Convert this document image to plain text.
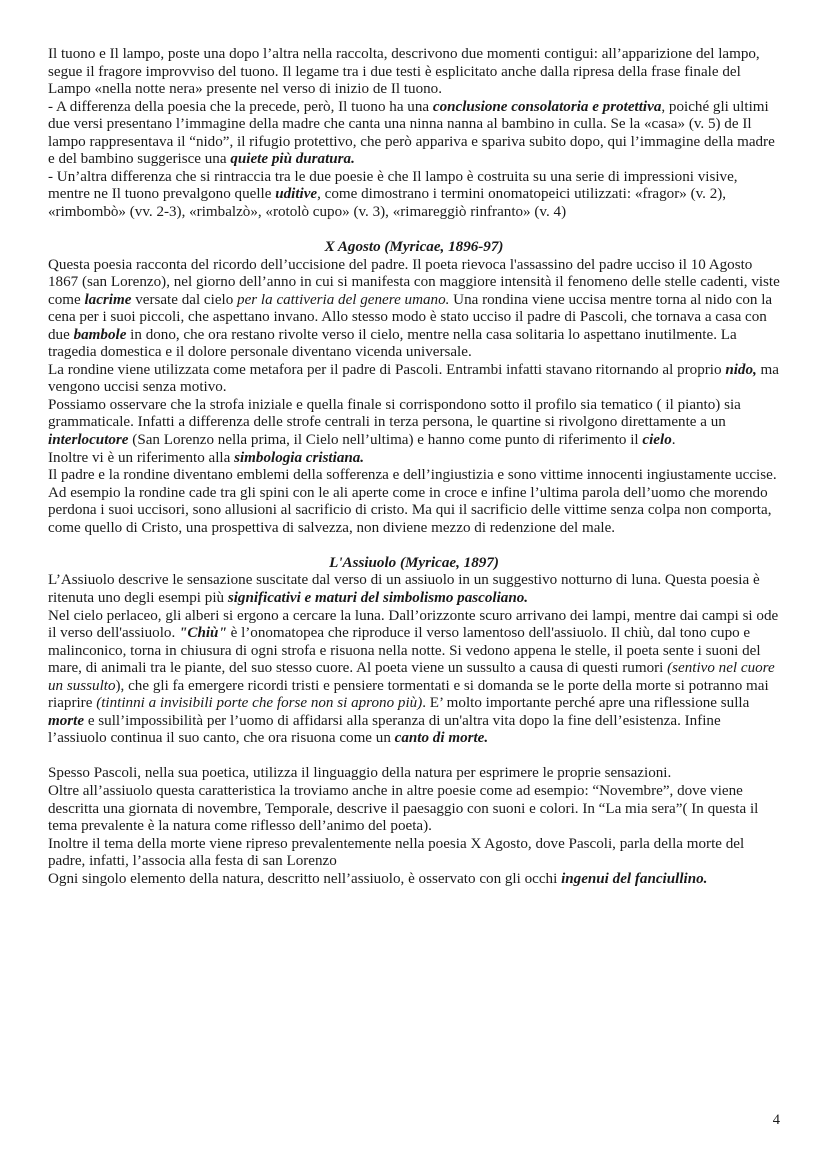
Il tuono e Il lampo, poste una dopo l’altra nella raccolta, descrivono due momenti contigui: all’apparizione del lampo, segue il fragore improvviso del tuono. Il legame tra i due testi è esplicitato anche dalla ripresa della frase finale del Lampo «nella notte nera» presente nel verso di inizio de Il tuono.

- A differenza della poesia che la precede, però, Il tuono ha una conclusione consolatoria e protettiva, poiché gli ultimi due versi presentano l’immagine della madre che canta una ninna nanna al bambino in culla. Se la «casa» (v. 5) de Il lampo rappresentava il “nido”, il rifugio protettivo, che però appariva e spariva subito dopo, qui l’immagine della madre e del bambino suggerisce una quiete più duratura.

- Un’altra differenza che si rintraccia tra le due poesie è che Il lampo è costruita su una serie di impressioni visive, mentre ne Il tuono prevalgono quelle uditive, come dimostrano i termini onomatopeici utilizzati: «fragor» (v. 2), «rimbombò» (vv. 2-3), «rimbalzò», «rotolò cupo» (v. 3), «rimareggiò rinfranto» (v. 4)

X Agosto (Myricae, 1896-97)

Questa poesia racconta del ricordo dell’uccisione del padre. Il poeta rievoca l'assassino del padre ucciso il 10 Agosto 1867 (san Lorenzo), nel giorno dell’anno in cui si manifesta con maggiore intensità il fenomeno delle stelle cadenti, viste come lacrime versate dal cielo per la cattiveria del genere umano. Una rondina viene uccisa mentre torna al nido con la cena per i suoi piccoli, che aspettano invano. Allo stesso modo è stato ucciso il padre di Pascoli, che tornava a casa con due bambole in dono, che ora restano rivolte verso il cielo, mentre nella casa solitaria lo aspettano inutilmente. La tragedia domestica e il dolore personale diventano vicenda universale.

La rondine viene utilizzata come metafora per il padre di Pascoli. Entrambi infatti stavano ritornando al proprio nido, ma vengono uccisi senza motivo.

Possiamo osservare che la strofa iniziale e quella finale si corrispondono sotto il profilo sia tematico ( il pianto) sia grammaticale. Infatti a differenza delle strofe centrali in terza persona, le quartine si rivolgono direttamente a un interlocutore (San Lorenzo nella prima, il Cielo nell’ultima) e hanno come punto di riferimento il cielo.

Inoltre vi è un riferimento alla simbologia cristiana.

Il padre e la rondine diventano emblemi della sofferenza e dell’ingiustizia e sono vittime innocenti ingiustamente uccise. Ad esempio la rondine cade tra gli spini con le ali aperte come in croce e infine l’ultima parola dell’uomo che morendo perdona i suoi uccisori, sono allusioni al sacrificio di cristo. Ma qui il sacrificio delle vittime senza colpa non comporta, come quello di Cristo, una prospettiva di salvezza, non diviene mezzo di redenzione del male.

L'Assiuolo (Myricae, 1897)

L’Assiuolo descrive le sensazione suscitate dal verso di un assiuolo in un suggestivo notturno di luna. Questa poesia è ritenuta uno degli esempi più significativi e maturi del simbolismo pascoliano.

Nel cielo perlaceo, gli alberi si ergono a cercare la luna. Dall’orizzonte scuro arrivano dei lampi, mentre dai campi si ode il verso dell'assiuolo. "Chiù" è l’onomatopea che riproduce il verso lamentoso dell'assiuolo. Il chiù, dal tono cupo e malinconico, torna in chiusura di ogni strofa e risuona nella notte. Si vedono appena le stelle, il poeta sente i suoni del mare, di animali tra le piante, del suo stesso cuore. Al poeta viene un sussulto a causa di questi rumori (sentivo nel cuore un sussulto), che gli fa emergere ricordi tristi e pensiere tormentati e si domanda se le porte della morte si potranno mai riaprire (tintinni a invisibili porte che forse non si aprono più). E’ molto importante perché apre una riflessione sulla morte e sull’impossibilità per l’uomo di affidarsi alla speranza di un'altra vita dopo la fine dell’esistenza. Infine l’assiuolo continua il suo canto, che ora risuona come un canto di morte.

Spesso Pascoli, nella sua poetica, utilizza il linguaggio della natura per esprimere le proprie sensazioni.

Oltre all’assiuolo questa caratteristica la troviamo anche in altre poesie come ad esempio: “Novembre”, dove viene descritta una giornata di novembre, Temporale, descrive il paesaggio con suoni e colori. In “La mia sera”( In questa il tema prevalente è la natura come riflesso dell’animo del poeta).

Inoltre il tema della morte viene ripreso prevalentemente nella poesia X Agosto, dove Pascoli, parla della morte del padre, infatti, l’associa alla festa di san Lorenzo

Ogni singolo elemento della natura, descritto nell’assiuolo, è osservato con gli occhi ingenui del fanciullino.

4
